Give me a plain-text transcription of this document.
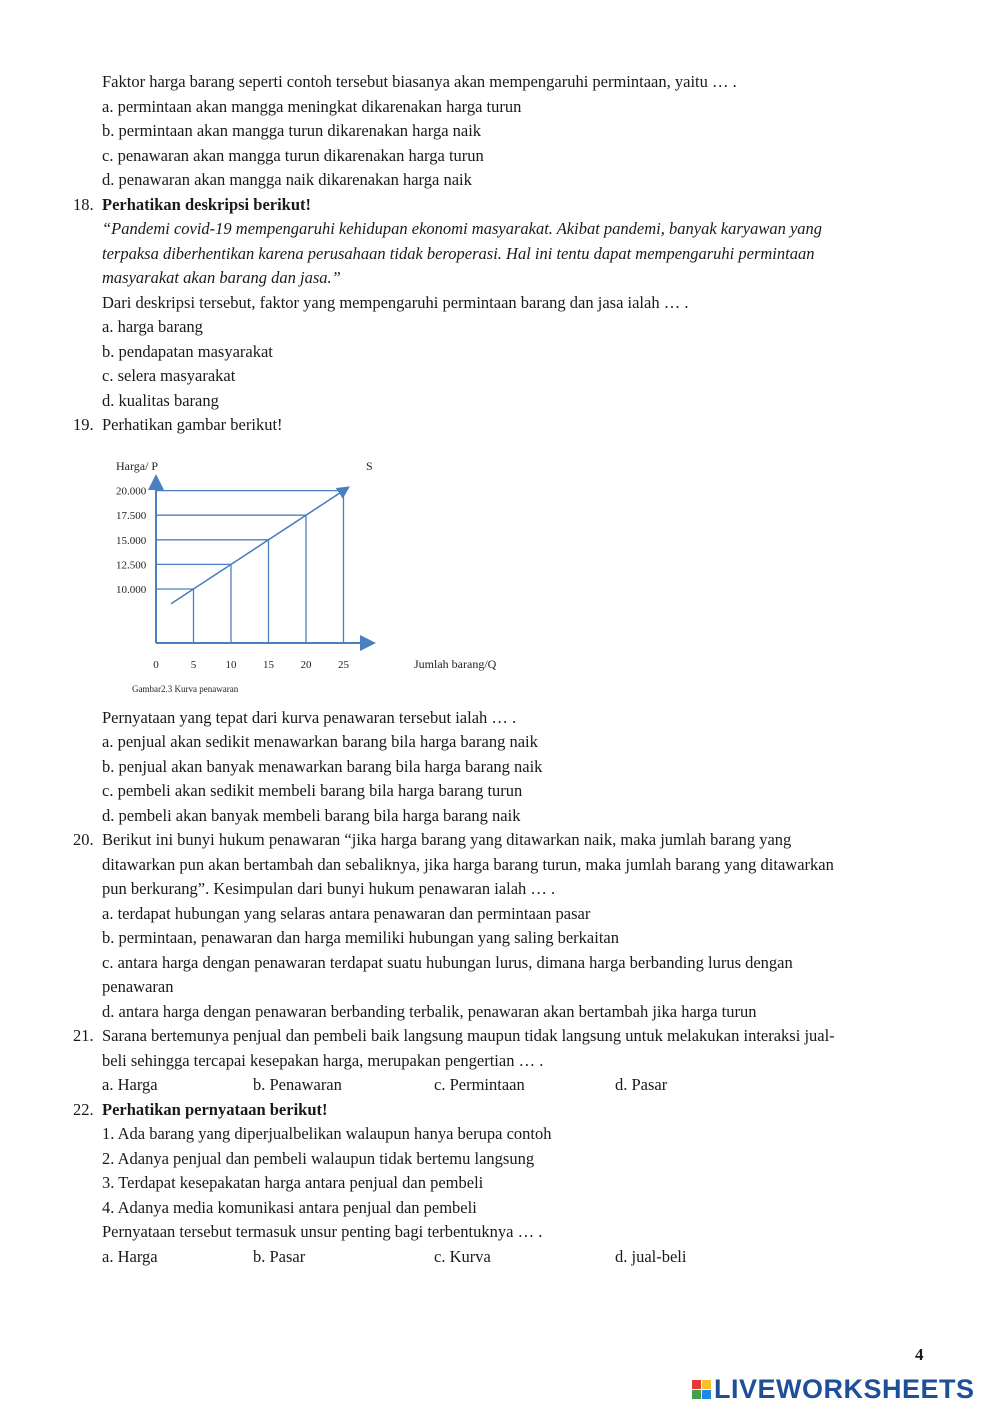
Faktor harga barang seperti contoh tersebut biasanya akan mempengaruhi permintaan, yaitu … .
a. permintaan akan mangga meningkat dikarenakan harga turun
b. permintaan akan mangga turun dikarenakan harga naik
c. penawaran akan mangga turun dikarenakan harga turun
d. penawaran akan mangga naik dikarenakan harga naik
18. Perhatikan deskripsi berikut!
“Pandemi covid-19 mempengaruhi kehidupan ekonomi masyarakat. Akibat pandemi, banyak karyawan yang
terpaksa diberhentikan karena perusahaan tidak beroperasi. Hal ini tentu dapat mempengaruhi permintaan
masyarakat akan barang dan jasa.”
Dari deskripsi tersebut, faktor yang mempengaruhi permintaan barang dan jasa ialah … .
a. harga barang
b. pendapatan masyarakat
c. selera masyarakat
d. kualitas barang
19. Perhatikan gambar berikut!
Harga/ P	S
Jumlah barang/Q
Gambar2.3 Kurva penawaran
10.000
12.500
15.000
17.500
20.000
0	5	10 15 20 25
Pernyataan yang tepat dari kurva penawaran tersebut ialah … .
a. penjual akan sedikit menawarkan barang bila harga barang naik
b. penjual akan banyak menawarkan barang bila harga barang naik
c. pembeli akan sedikit membeli barang bila harga barang turun
d. pembeli akan banyak membeli barang bila harga barang naik
20. Berikut ini bunyi hukum penawaran “jika harga barang yang ditawarkan naik, maka jumlah barang yang
ditawarkan pun akan bertambah dan sebaliknya, jika harga barang turun, maka jumlah barang yang ditawarkan
pun berkurang”. Kesimpulan dari bunyi hukum penawaran ialah … .
a. terdapat hubungan yang selaras antara penawaran dan permintaan pasar
b. permintaan, penawaran dan harga memiliki hubungan yang saling berkaitan
c. antara harga dengan penawaran terdapat suatu hubungan lurus, dimana harga berbanding lurus dengan
penawaran
d. antara harga dengan penawaran berbanding terbalik, penawaran akan bertambah jika harga turun
21. Sarana bertemunya penjual dan pembeli baik langsung maupun tidak langsung untuk melakukan interaksi jual-
beli sehingga tercapai kesepakan harga, merupakan pengertian … .
a. Harga	b. Penawaran	c. Permintaan	d. Pasar
22. Perhatikan pernyataan berikut!
1. Ada barang yang diperjualbelikan walaupun hanya berupa contoh
2. Adanya penjual dan pembeli walaupun tidak bertemu langsung
3. Terdapat kesepakatan harga antara penjual dan pembeli
4. Adanya media komunikasi antara penjual dan pembeli
Pernyataan tersebut termasuk unsur penting bagi terbentuknya … .
a. Harga	b. Pasar	c. Kurva	d. jual-beli
4
LIVEWORKSHEETS
